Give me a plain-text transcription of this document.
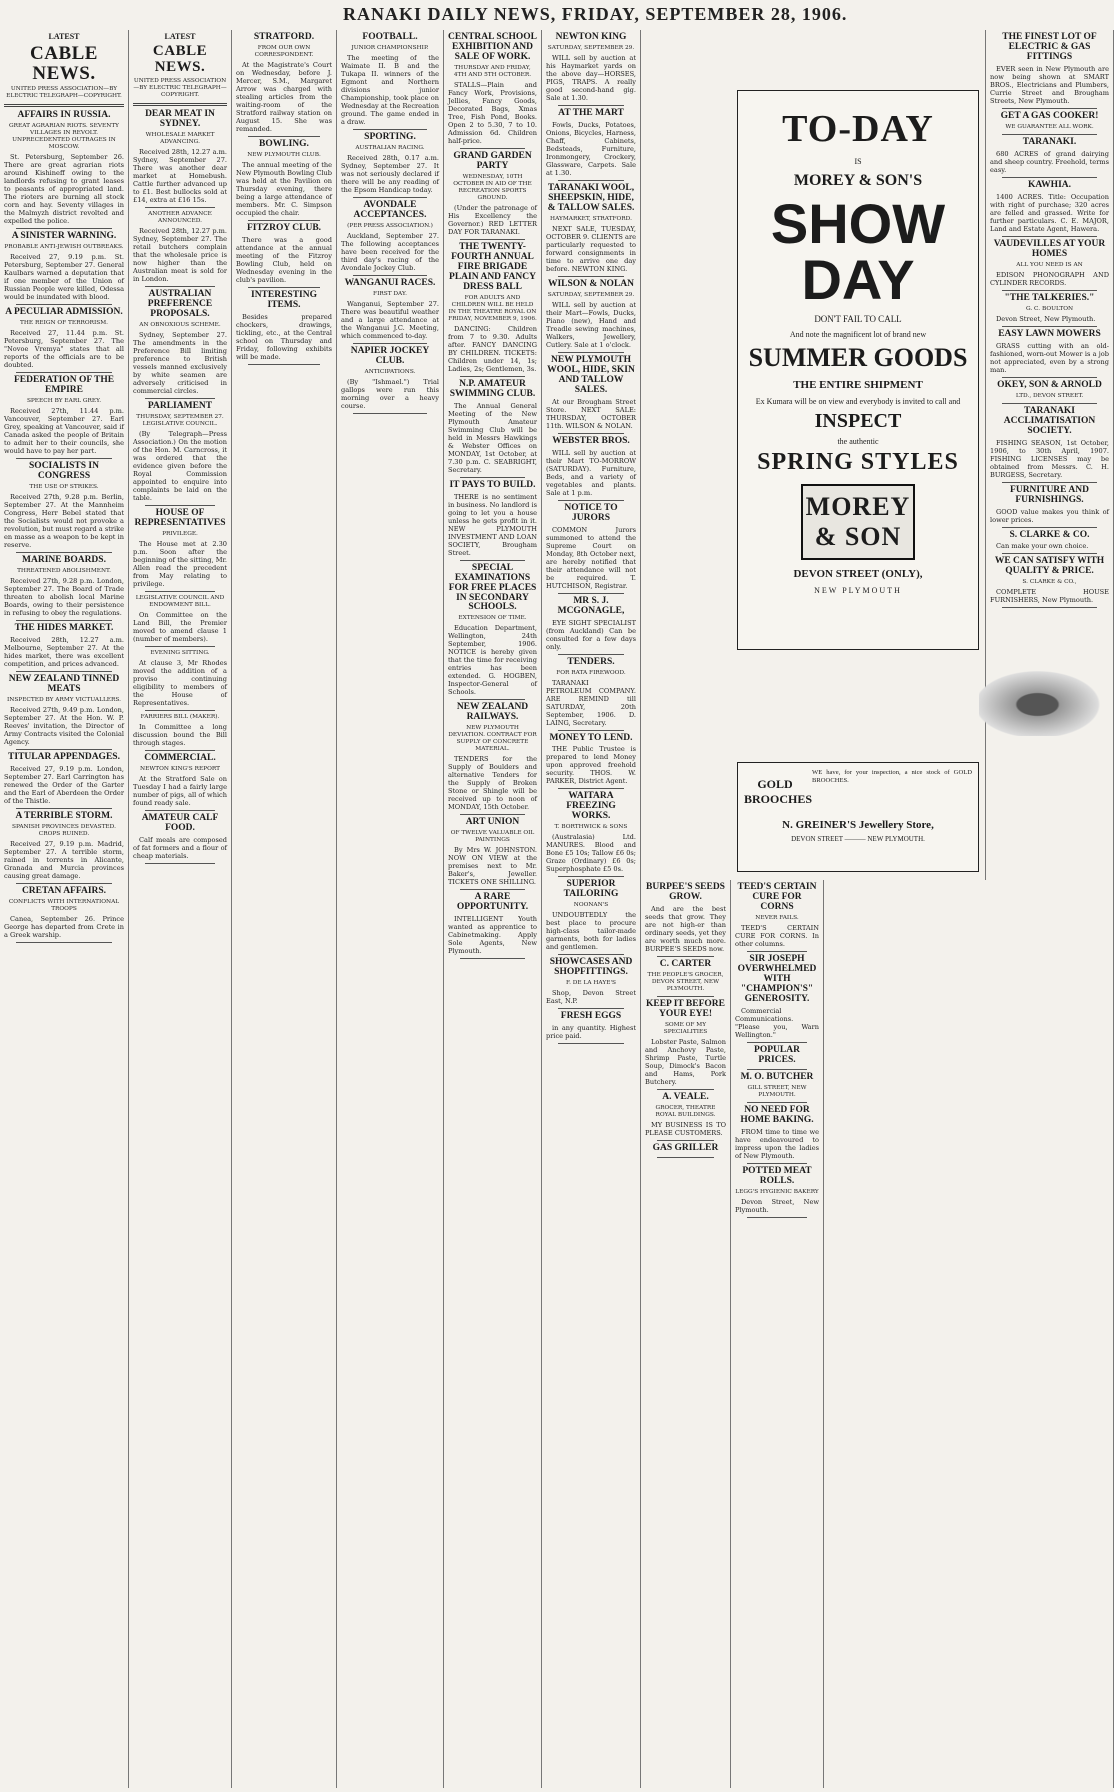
RANAKI DAILY NEWS, FRIDAY, SEPTEMBER 28, 1906.
LATEST
CABLE NEWS.
UNITED PRESS ASSOCIATION—BY ELECTRIC TELEGRAPH—COPYRIGHT.
AFFAIRS IN RUSSIA.
GREAT AGRARIAN RIOTS. SEVENTY VILLAGES IN REVOLT. UNPRECEDENTED OUTRAGES IN MOSCOW.

St. Petersburg, September 26. There are great agrarian riots around Kishineff owing to the landlords refusing to grant leases to peasants of appropriated land. The rioters are burning all stock corn and hay. Seventy villages in the Malmyzh district revolted and expelled the police.

A SINISTER WARNING.
PROBABLE ANTI-JEWISH OUTBREAKS.

Received 27, 9.19 p.m. St. Petersburg, September 27. General Kaulbars warned a deputation that if one member of the Union of Russian People were killed, Odessa would be inundated with blood.

A PECULIAR ADMISSION.
THE REIGN OF TERRORISM.

Received 27, 11.44 p.m. St. Petersburg, September 27. The "Novoe Vremya" states that all reports of the officials are to be doubted.

FEDERATION OF THE EMPIRE
SPEECH BY EARL GREY.

Received 27th, 11.44 p.m. Vancouver, September 27. Earl Grey, speaking at Vancouver, said if Canada asked the people of Britain to admit her to their councils, she would have to pay her part.

SOCIALISTS IN CONGRESS
THE USE OF STRIKES.

Received 27th, 9.28 p.m. Berlin, September 27. At the Mannheim Congress, Herr Bebel stated that the Socialists would not provoke a revolution, but must regard a strike en masse as a weapon to be kept in reserve.

MARINE BOARDS.
THREATENED ABOLISHMENT.

Received 27th, 9.28 p.m. London, September 27. The Board of Trade threaten to abolish local Marine Boards, owing to their persistence in refusing to obey the regulations.

THE HIDES MARKET.

Received 28th, 12.27 a.m. Melbourne, September 27. At the hides market, there was excellent competition, and prices advanced.

NEW ZEALAND TINNED MEATS
INSPECTED BY ARMY VICTUALLERS.

Received 27th, 9.49 p.m. London, September 27. At the Hon. W. P. Reeves' invitation, the Director of Army Contracts visited the Colonial Agency.

TITULAR APPENDAGES.

Received 27, 9.19 p.m. London, September 27. Earl Carrington has renewed the Order of the Garter and the Earl of Aberdeen the Order of the Thistle.

A TERRIBLE STORM.
SPANISH PROVINCES DEVASTED. CROPS RUINED.

Received 27, 9.19 p.m. Madrid, September 27. A terrible storm, rained in torrents in Alicante, Granada and Murcia provinces causing great damage.

CRETAN AFFAIRS.
CONFLICTS WITH INTERNATIONAL TROOPS

Canea, September 26. Prince George has departed from Crete in a Greek warship.

LATEST
CABLE NEWS.
UNITED PRESS ASSOCIATION—BY ELECTRIC TELEGRAPH—COPYRIGHT.
DEAR MEAT IN SYDNEY.
WHOLESALE MARKET ADVANCING.

Received 28th, 12.27 a.m. Sydney, September 27. There was another dear market at Homebush. Cattle further advanced up to £1. Best bullocks sold at £14, extra at £16 15s.

ANOTHER ADVANCE ANNOUNCED.

Received 28th, 12.27 p.m. Sydney, September 27. The retail butchers complain that the wholesale price is now higher than the Australian meat is sold for in London.

AUSTRALIAN PREFERENCE PROPOSALS.
AN OBNOXIOUS SCHEME.

Sydney, September 27. The amendments in the Preference Bill limiting preference to British vessels manned exclusively by white seamen are adversely criticised in commercial circles.

PARLIAMENT
THURSDAY, SEPTEMBER 27. LEGISLATIVE COUNCIL.

(By Telegraph—Press Association.) On the motion of the Hon. M. Carncross, it was ordered that the evidence given before the Royal Commission appointed to enquire into complaints be laid on the table.

HOUSE OF REPRESENTATIVES
PRIVILEGE.

The House met at 2.30 p.m. Soon after the beginning of the sitting, Mr. Allen read the precedent from May relating to privilege.

LEGISLATIVE COUNCIL AND ENDOWMENT BILL.

On Committee on the Land Bill, the Premier moved to amend clause 1 (number of members).

EVENING SITTING.

At clause 3, Mr Rhodes moved the addition of a proviso continuing eligibility to members of the House of Representatives.

FARRIERS BILL (MAKER).

In Committee a long discussion bound the Bill through stages.

COMMERCIAL.
NEWTON KING'S REPORT

At the Stratford Sale on Tuesday I had a fairly large number of pigs, all of which found ready sale.

AMATEUR CALF FOOD.

Calf meals are composed of fat formers and a flour of cheap materials.

STRATFORD.
FROM OUR OWN CORRESPONDENT.

At the Magistrate's Court on Wednesday, before J. Mercer, S.M., Margaret Arrow was charged with stealing articles from the waiting-room of the Stratford railway station on August 15. She was remanded.

BOWLING.
NEW PLYMOUTH CLUB.

The annual meeting of the New Plymouth Bowling Club was held at the Pavilion on Thursday evening, there being a large attendance of members. Mr. C. Simpson occupied the chair.

FITZROY CLUB.

There was a good attendance at the annual meeting of the Fitzroy Bowling Club, held on Wednesday evening in the club's pavilion.

INTERESTING ITEMS.

Besides prepared chockers, drawings, tickling, etc., at the Central school on Thursday and Friday, following exhibits will be made.

FOOTBALL.
JUNIOR CHAMPIONSHIP.

The meeting of the Waimate II. B and the Tukapa II. winners of the Egmont and Northern divisions junior Championship, took place on Wednesday at the Recreation ground. The game ended in a draw.

SPORTING.
AUSTRALIAN RACING.

Received 28th, 0.17 a.m. Sydney, September 27. It was not seriously declared if there will be any reading of the Epsom Handicap today.

AVONDALE ACCEPTANCES.
(PER PRESS ASSOCIATION.)

Auckland, September 27. The following acceptances have been received for the third day's racing of the Avondale Jockey Club.

WANGANUI RACES.
FIRST DAY.

Wanganui, September 27. There was beautiful weather and a large attendance at the Wanganui J.C. Meeting, which commenced to-day.

NAPIER JOCKEY CLUB.
ANTICIPATIONS.

(By "Ishmael.") Trial gallops were run this morning over a heavy course.

CENTRAL SCHOOL EXHIBITION AND SALE OF WORK.
THURSDAY AND FRIDAY, 4TH AND 5TH OCTOBER.

STALLS—Plain and Fancy Work, Provisions, Jellies, Fancy Goods, Decorated Bags, Xmas Tree, Fish Pond, Books. Open 2 to 5.30, 7 to 10. Admission 6d. Children half-price.

GRAND GARDEN PARTY
WEDNESDAY, 10TH OCTOBER IN AID OF THE RECREATION SPORTS GROUND.

(Under the patronage of His Excellency the Governor.) RED LETTER DAY FOR TARANAKI.

THE TWENTY-FOURTH ANNUAL FIRE BRIGADE PLAIN AND FANCY DRESS BALL
FOR ADULTS AND CHILDREN WILL BE HELD IN THE THEATRE ROYAL ON FRIDAY, NOVEMBER 9, 1906.

DANCING: Children from 7 to 9.30. Adults after. FANCY DANCING BY CHILDREN. TICKETS: Children under 14, 1s; Ladies, 2s; Gentlemen, 3s.

N.P. AMATEUR SWIMMING CLUB.

The Annual General Meeting of the New Plymouth Amateur Swimming Club will be held in Messrs Hawkings & Webster Offices on MONDAY, 1st October, at 7.30 p.m. C. SEABRIGHT, Secretary.

IT PAYS TO BUILD.

THERE is no sentiment in business. No landlord is going to let you a house unless he gets profit in it. NEW PLYMOUTH INVESTMENT AND LOAN SOCIETY, Brougham Street.

SPECIAL EXAMINATIONS FOR FREE PLACES IN SECONDARY SCHOOLS.
EXTENSION OF TIME.

Education Department, Wellington, 24th September, 1906. NOTICE is hereby given that the time for receiving entries has been extended. G. HOGBEN, Inspector-General of Schools.

NEW ZEALAND RAILWAYS.
NEW PLYMOUTH DEVIATION. CONTRACT FOR SUPPLY OF CONCRETE MATERIAL.

TENDERS for the Supply of Boulders and alternative Tenders for the Supply of Broken Stone or Shingle will be received up to noon of MONDAY, 15th October.

ART UNION
OF TWELVE VALUABLE OIL PAINTINGS

By Mrs W. JOHNSTON. NOW ON VIEW at the premises next to Mr. Baker's, Jeweller. TICKETS ONE SHILLING.

A RARE OPPORTUNITY.

INTELLIGENT Youth wanted as apprentice to Cabinetmaking. Apply Sole Agents, New Plymouth.

NEWTON KING
SATURDAY, SEPTEMBER 29.

WILL sell by auction at his Haymarket yards on the above day—HORSES, PIGS, TRAPS. A really good second-hand gig. Sale at 1.30.

AT THE MART

Fowls, Ducks, Potatoes, Onions, Bicycles, Harness, Chaff, Cabinets, Bedsteads, Furniture, Ironmongery, Crockery, Glassware, Carpets. Sale at 1.30.

TARANAKI WOOL, SHEEPSKIN, HIDE, & TALLOW SALES.
HAYMARKET, STRATFORD.

NEXT SALE, TUESDAY, OCTOBER 9. CLIENTS are particularly requested to forward consignments in time to arrive one day before. NEWTON KING.

WILSON & NOLAN
SATURDAY, SEPTEMBER 29.

WILL sell by auction at their Mart—Fowls, Ducks, Piano (new), Hand and Treadle sewing machines, Walkers, Jewellery, Cutlery. Sale at 1 o'clock.

NEW PLYMOUTH WOOL, HIDE, SKIN AND TALLOW SALES.

At our Brougham Street Store. NEXT SALE: THURSDAY, OCTOBER 11th. WILSON & NOLAN.

WEBSTER BROS.

WILL sell by auction at their Mart TO-MORROW (SATURDAY). Furniture, Beds, and a variety of vegetables and plants. Sale at 1 p.m.

NOTICE TO JURORS

COMMON Jurors summoned to attend the Supreme Court on Monday, 8th October next, are hereby notified that their attendance will not be required. T. HUTCHISON, Registrar.

MR S. J. MCGONAGLE,

EYE SIGHT SPECIALIST (from Auckland) Can be consulted for a few days only.

TENDERS.
FOR RATA FIREWOOD.

TARANAKI PETROLEUM COMPANY. ARE REMIND till SATURDAY, 20th September, 1906. D. LAING, Secretary.

MONEY TO LEND.

THE Public Trustee is prepared to lend Money upon approved freehold security. THOS. W. PARKER, District Agent.

WAITARA FREEZING WORKS.
T. BORTHWICK & SONS

(Australasia) Ltd. MANURES. Blood and Bone £5 10s; Tallow £6 0s; Graze (Ordinary) £6 0s; Superphosphate £5 0s.

SUPERIOR TAILORING
NOONAN'S

UNDOUBTEDLY the best place to procure high-class tailor-made garments, both for ladies and gentlemen.

SHOWCASES AND SHOPFITTINGS.
F. DE LA HAYE'S

Shop, Devon Street East, N.P.

FRESH EGGS

in any quantity. Highest price paid.

BURPEE'S SEEDS GROW.

And are the best seeds that grow. They are not high-er than ordinary seeds, yet they are worth much more. BURPEE'S SEEDS now.

C. CARTER
THE PEOPLE'S GROCER, DEVON STREET, NEW PLYMOUTH.
KEEP IT BEFORE YOUR EYE!
SOME OF MY SPECIALITIES

Lobster Paste, Salmon and Anchovy Paste, Shrimp Paste, Turtle Soup, Dimock's Bacon and Hams, Pork Butchery.

A. VEALE.
GROCER, THEATRE ROYAL BUILDINGS.

MY BUSINESS IS TO PLEASE CUSTOMERS.

GAS GRILLER
TEED'S CERTAIN CURE FOR CORNS
NEVER FAILS.

TEED'S CERTAIN CURE FOR CORNS. In other columns.

SIR JOSEPH OVERWHELMED WITH "CHAMPION'S" GENEROSITY.

Commercial Communications. "Please you, Warn Wellington."

POPULAR PRICES.
M. O. BUTCHER
GILL STREET, NEW PLYMOUTH.
NO NEED FOR HOME BAKING.

FROM time to time we have endeavoured to impress upon the ladies of New Plymouth.

POTTED MEAT ROLLS.
LEGG'S HYGIENIC BAKERY

Devon Street, New Plymouth.

THE FINEST LOT OF ELECTRIC & GAS FITTINGS

EVER seen in New Plymouth are now being shown at SMART BROS., Electricians and Plumbers, Currie Street and Brougham Streets, New Plymouth.

GET A GAS COOKER!
WE GUARANTEE ALL WORK.
TARANAKI.

680 ACRES of grand dairying and sheep country. Freehold, terms easy.

KAWHIA.

1400 ACRES. Title: Occupation with right of purchase; 320 acres are felled and grassed. Write for further particulars. C. E. MAJOR, Land and Estate Agent, Hawera.

VAUDEVILLES AT YOUR HOMES
ALL YOU NEED IS AN

EDISON PHONOGRAPH AND CYLINDER RECORDS.

"THE TALKERIES."
G. C. BOULTON

Devon Street, New Plymouth.

EASY LAWN MOWERS

GRASS cutting with an old-fashioned, worn-out Mower is a job not appreciated, even by a strong man.

OKEY, SON & ARNOLD
LTD., DEVON STREET.
TARANAKI ACCLIMATISATION SOCIETY.

FISHING SEASON, 1st October, 1906, to 30th April, 1907. FISHING LICENSES may be obtained from Messrs. C. H. BURGESS, Secretary.

FURNITURE AND FURNISHINGS.

GOOD value makes you think of lower prices.

S. CLARKE & CO.

Can make your own choice.

WE CAN SATISFY WITH QUALITY & PRICE.
S. CLARKE & CO.,

COMPLETE HOUSE FURNISHERS, New Plymouth.

TO-DAY
IS
MOREY & SON'S
SHOW DAY
DON'T FAIL TO CALL
And note the magnificent lot of brand new
SUMMER GOODS
THE ENTIRE SHIPMENT
Ex Kumara will be on view and everybody is invited to call and
INSPECT
the authentic
SPRING STYLES
MOREY & SON
DEVON STREET (ONLY),
NEW PLYMOUTH
GOLD BROOCHES
WE have, for your inspection, a nice stock of GOLD BROOCHES.
N. GREINER'S Jewellery Store,
DEVON STREET ——— NEW PLYMOUTH.
